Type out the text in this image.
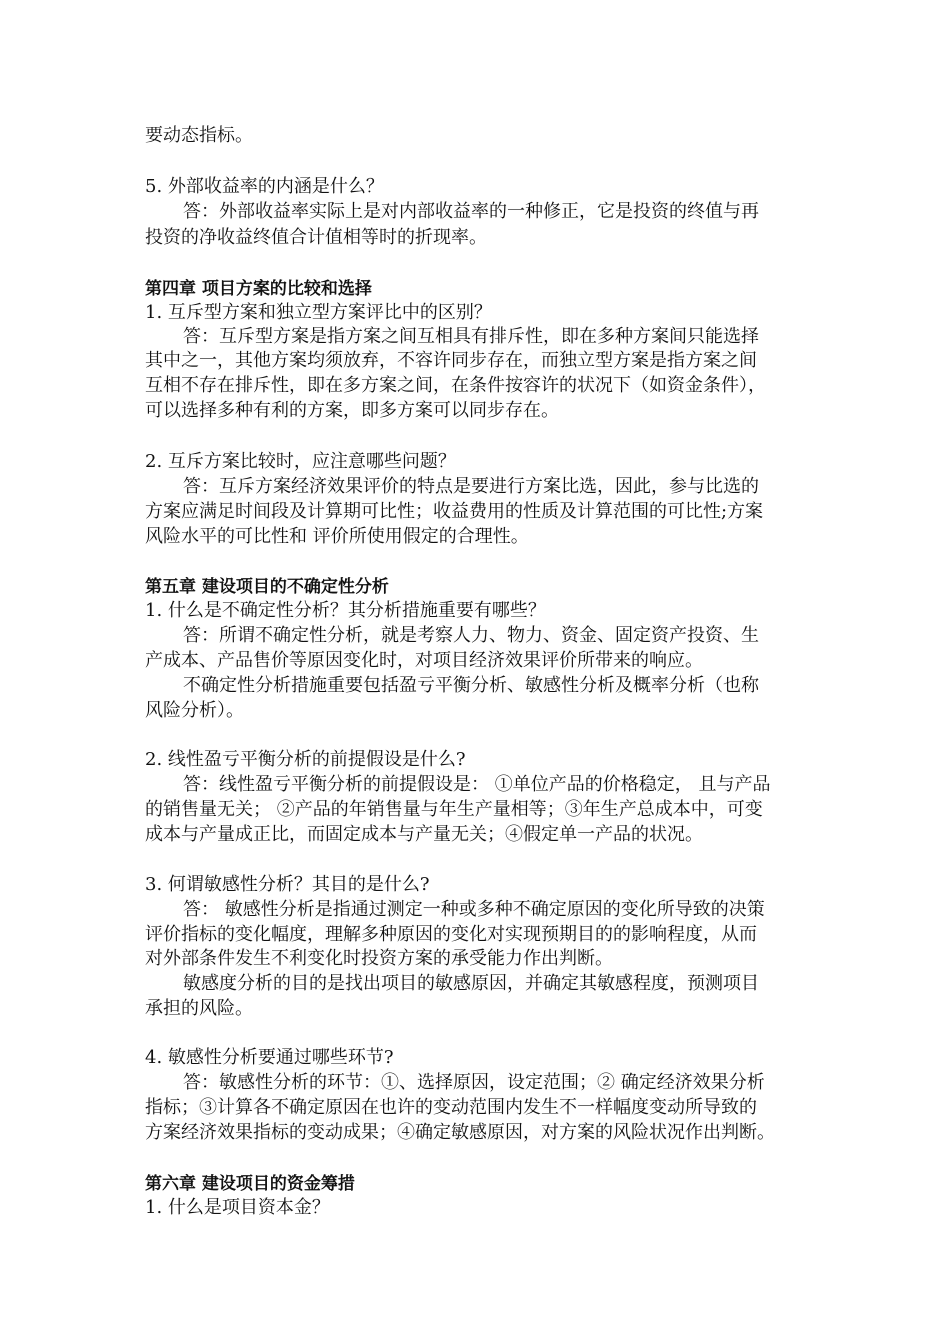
要动态指标。
5. 外部收益率的内涵是什么？
答：外部收益率实际上是对内部收益率的一种修正，它是投资的终值与再
投资的净收益终值合计值相等时的折现率。
第四章 项目方案的比较和选择
1. 互斥型方案和独立型方案评比中的区别？
答：互斥型方案是指方案之间互相具有排斥性，即在多种方案间只能选择
其中之一，其他方案均须放弃，不容许同步存在，而独立型方案是指方案之间
互相不存在排斥性，即在多方案之间，在条件按容许的状况下（如资金条件），
可以选择多种有利的方案，即多方案可以同步存在。
2. 互斥方案比较时，应注意哪些问题？
答：互斥方案经济效果评价的特点是要进行方案比选，因此，参与比选的
方案应满足时间段及计算期可比性；收益费用的性质及计算范围的可比性;方案
风险水平的可比性和 评价所使用假定的合理性。
第五章 建设项目的不确定性分析
1. 什么是不确定性分析？其分析措施重要有哪些？
答：所谓不确定性分析，就是考察人力、物力、资金、固定资产投资、生
产成本、产品售价等原因变化时，对项目经济效果评价所带来的响应。
不确定性分析措施重要包括盈亏平衡分析、敏感性分析及概率分析（也称
风险分析）。
2. 线性盈亏平衡分析的前提假设是什么?
答：线性盈亏平衡分析的前提假设是： ①单位产品的价格稳定， 且与产品
的销售量无关； ②产品的年销售量与年生产量相等；③年生产总成本中，可变
成本与产量成正比，而固定成本与产量无关；④假定单一产品的状况。
3. 何谓敏感性分析？其目的是什么?
答： 敏感性分析是指通过测定一种或多种不确定原因的变化所导致的决策
评价指标的变化幅度，理解多种原因的变化对实现预期目的的影响程度，从而
对外部条件发生不利变化时投资方案的承受能力作出判断。
敏感度分析的目的是找出项目的敏感原因，并确定其敏感程度，预测项目
承担的风险。
4. 敏感性分析要通过哪些环节?
答：敏感性分析的环节：①、选择原因，设定范围；② 确定经济效果分析
指标；③计算各不确定原因在也许的变动范围内发生不一样幅度变动所导致的
方案经济效果指标的变动成果；④确定敏感原因，对方案的风险状况作出判断。
第六章 建设项目的资金筹措
1. 什么是项目资本金？
